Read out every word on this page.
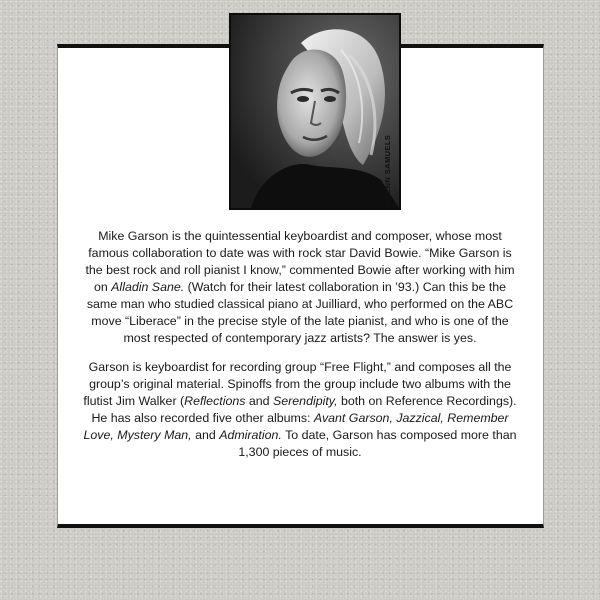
GLENN SAMUELS

Mike Garson is the quintessential keyboardist and composer, whose most famous collaboration to date was with rock star David Bowie. “Mike Garson is the best rock and roll pianist I know,” commented Bowie after working with him on Alladin Sane. (Watch for their latest collaboration in ’93.) Can this be the same man who studied classical piano at Juilliard, who performed on the ABC move “Liberace” in the precise style of the late pianist, and who is one of the most respected of contemporary jazz artists? The answer is yes.

Garson is keyboardist for recording group “Free Flight,” and composes all the group’s original material. Spinoffs from the group include two albums with the flutist Jim Walker (Reflections and Serendipity, both on Reference Recordings). He has also recorded five other albums: Avant Garson, Jazzical, Remember Love, Mystery Man, and Admiration. To date, Garson has composed more than 1,300 pieces of music.
